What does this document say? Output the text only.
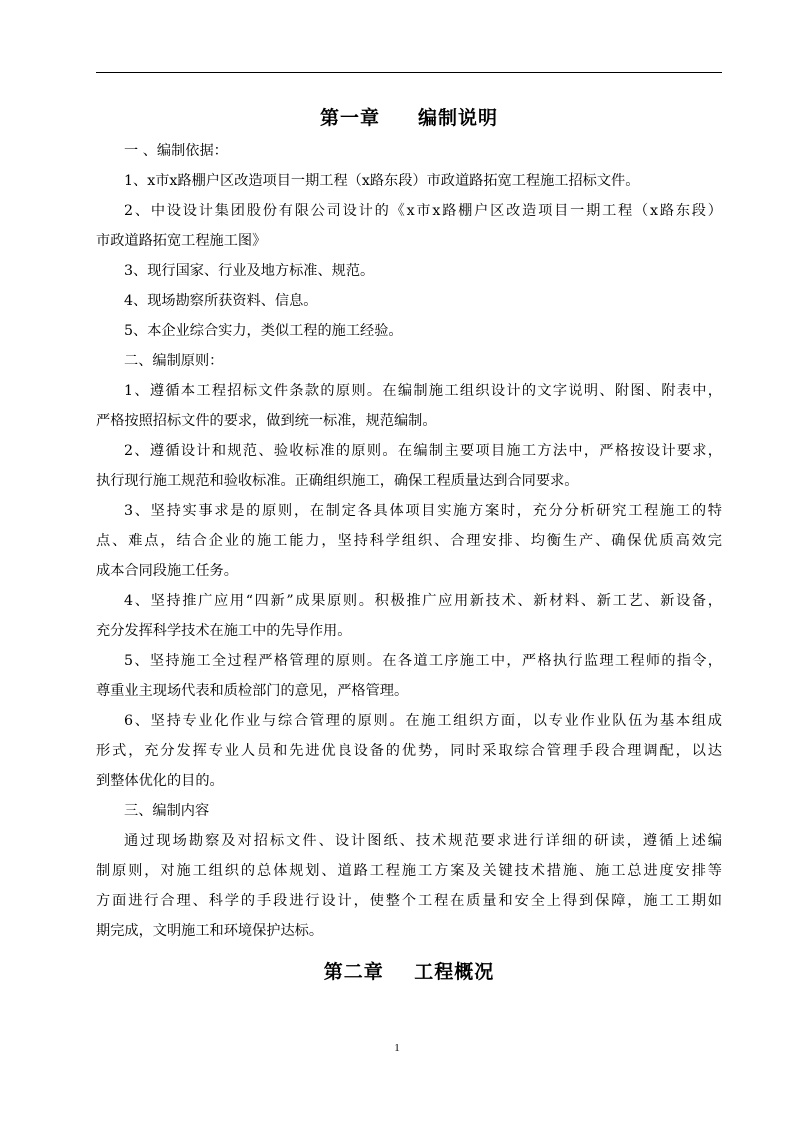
第一章     编制说明

一 、编制依据：

1、x市x路棚户区改造项目一期工程（x路东段）市政道路拓宽工程施工招标文件。

2、中设设计集团股份有限公司设计的《x市x路棚户区改造项目一期工程（x路东段）

市政道路拓宽工程施工图》

3、现行国家、行业及地方标准、规范。

4、现场勘察所获资料、信息。

5、本企业综合实力，类似工程的施工经验。

二、编制原则：

1、遵循本工程招标文件条款的原则。在编制施工组织设计的文字说明、附图、附表中，

严格按照招标文件的要求，做到统一标准，规范编制。

2、遵循设计和规范、验收标准的原则。在编制主要项目施工方法中，严格按设计要求，

执行现行施工规范和验收标准。正确组织施工，确保工程质量达到合同要求。

3、坚持实事求是的原则，在制定各具体项目实施方案时，充分分析研究工程施工的特

点、难点，结合企业的施工能力，坚持科学组织、合理安排、均衡生产、确保优质高效完

成本合同段施工任务。

4、坚持推广应用“四新”成果原则。积极推广应用新技术、新材料、新工艺、新设备，

充分发挥科学技术在施工中的先导作用。

5、坚持施工全过程严格管理的原则。在各道工序施工中，严格执行监理工程师的指令，

尊重业主现场代表和质检部门的意见，严格管理。

6、坚持专业化作业与综合管理的原则。在施工组织方面，以专业作业队伍为基本组成

形式，充分发挥专业人员和先进优良设备的优势，同时采取综合管理手段合理调配，以达

到整体优化的目的。

三、编制内容

通过现场勘察及对招标文件、设计图纸、技术规范要求进行详细的研读，遵循上述编

制原则，对施工组织的总体规划、道路工程施工方案及关键技术措施、施工总进度安排等

方面进行合理、科学的手段进行设计，使整个工程在质量和安全上得到保障，施工工期如

期完成，文明施工和环境保护达标。

第二章    工程概况
1
